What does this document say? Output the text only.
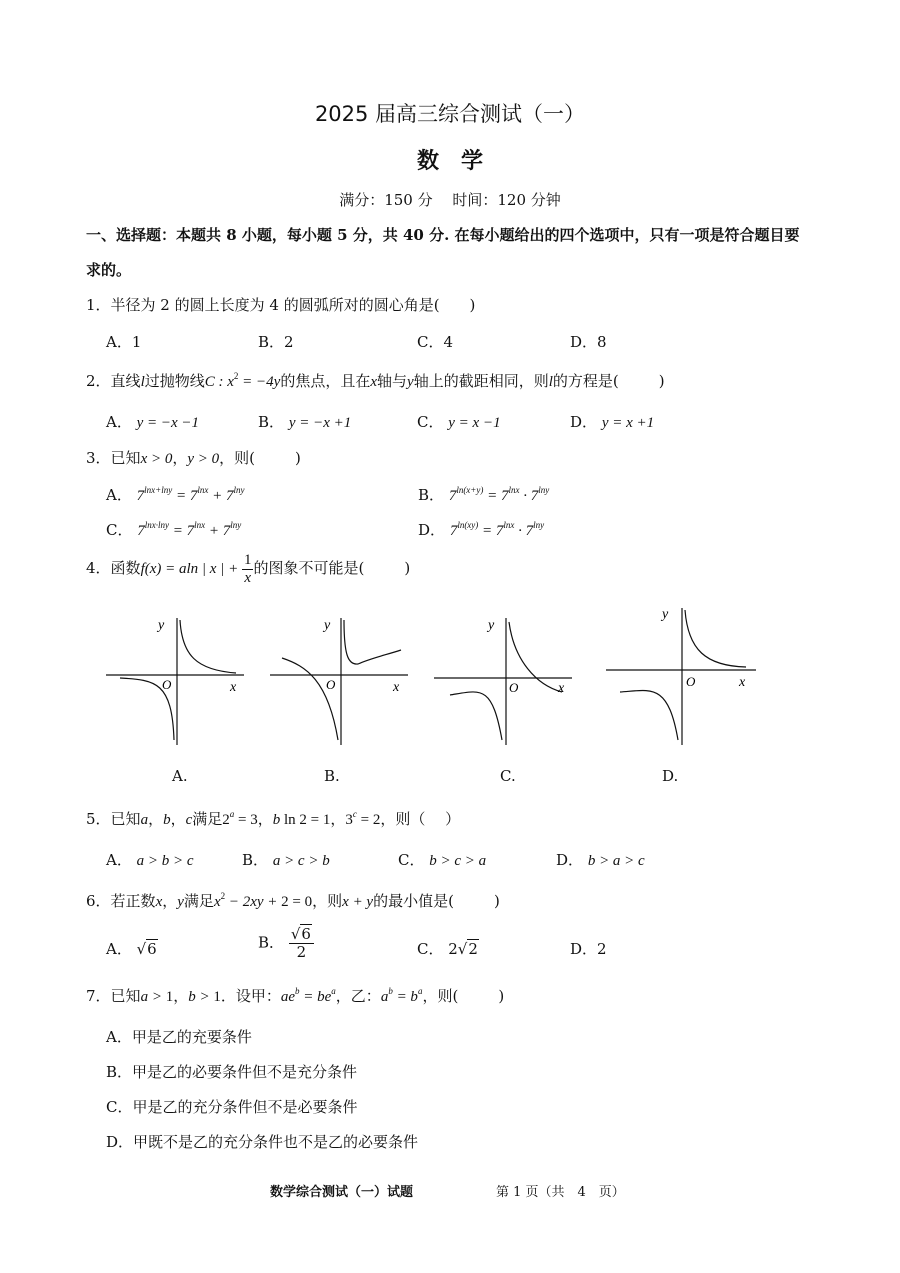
2025 届高三综合测试（一）
数　学
满分：150 分　 时间：120 分钟
一、选择题：本题共 8 小题，每小题 5 分，共 40 分. 在每小题给出的四个选项中，只有一项是符合题目要
求的。
1．半径为 2 的圆上长度为 4 的圆弧所对的圆心角是(　　)
A．1	B．2	C．4	D．8
2．直线l过抛物线C : $x^2 = -4y$的焦点，且在x轴与y轴上的截距相同，则l的方程是(	)
A． y = −x −1	B． y = −x +1	C． y = x −1	D． y = x +1
3．已知x > 0，y > 0，则(	)
A． $7^{lnx+lny} = 7^{lnx} + 7^{lny}$	B． $7^{ln(x+y)} = 7^{lnx} \cdot 7^{lny}$
C． $7^{lnx\cdot lny} = 7^{lnx} + 7^{lny}$	D． $7^{ln(xy)} = 7^{lnx} \cdot 7^{lny}$
4．函数f(x) = aln | x | + $\frac{1}{x}$ 的图象不可能是(	)
y
x
O
y
x
O
y
x
O
y
x
O
A.	B.	C.	D.
5．已知a，b，c满足$2^a = 3$，b ln 2 = 1，$3^c = 2$，则（　 ）
A． a > b > c	B． a > c > b	C． b > c > a	D． b > a > c
6．若正数x，y满足$x^2 - 2xy + 2 = 0$，则x + y的最小值是(	)
A． √6	B． $\frac{√6}{2}$	C． 2√2	D．2
7．已知a > 1，b > 1．设甲：$ae^b = be^a$，乙：$a^b = b^a$，则(	)
A．甲是乙的充要条件
B．甲是乙的必要条件但不是充分条件
C．甲是乙的充分条件但不是必要条件
D．甲既不是乙的充分条件也不是乙的必要条件
数学综合测试（一）试题	第 1 页（共　4　页）
